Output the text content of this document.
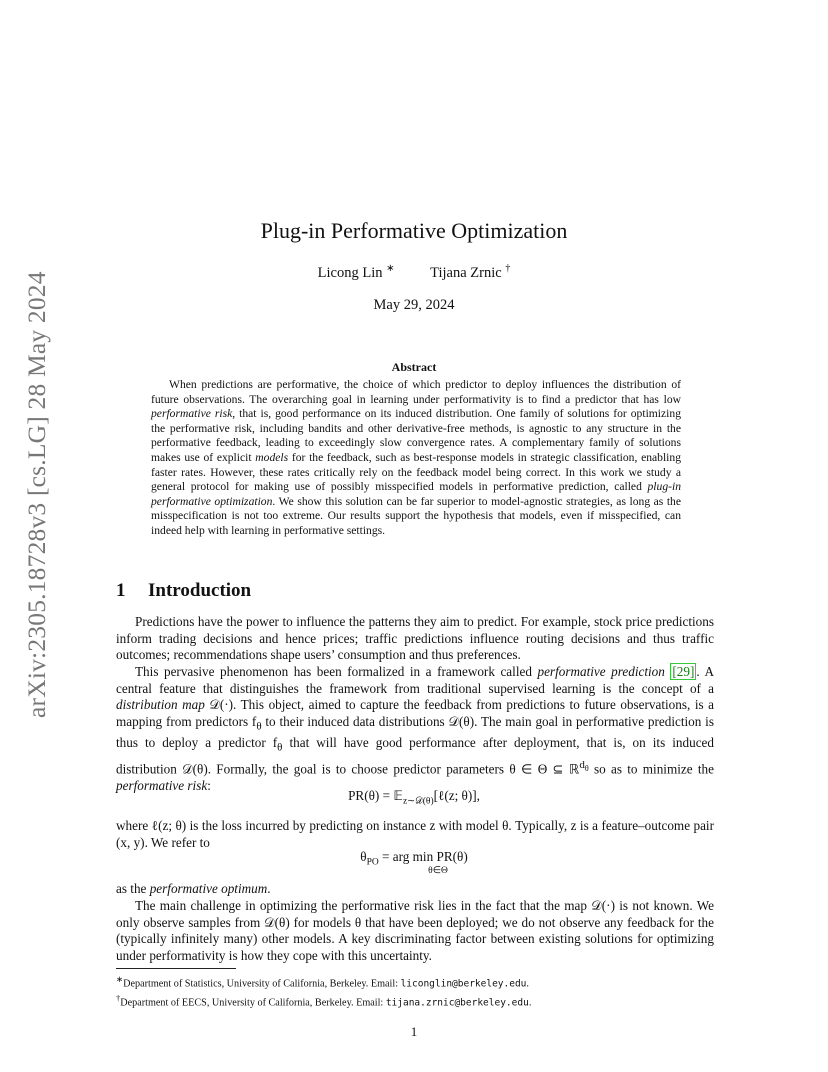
arXiv:2305.18728v3 [cs.LG] 28 May 2024
Plug-in Performative Optimization
Licong Lin ∗ Tijana Zrnic †
May 29, 2024
Abstract
When predictions are performative, the choice of which predictor to deploy influences the distribution of future observations. The overarching goal in learning under performativity is to find a predictor that has low performative risk, that is, good performance on its induced distribution. One family of solutions for optimizing the performative risk, including bandits and other derivative-free methods, is agnostic to any structure in the performative feedback, leading to exceedingly slow convergence rates. A complementary family of solutions makes use of explicit models for the feedback, such as best-response models in strategic classification, enabling faster rates. However, these rates critically rely on the feedback model being correct. In this work we study a general protocol for making use of possibly misspecified models in performative prediction, called plug-in performative optimization. We show this solution can be far superior to model-agnostic strategies, as long as the misspecification is not too extreme. Our results support the hypothesis that models, even if misspecified, can indeed help with learning in performative settings.
1 Introduction
Predictions have the power to influence the patterns they aim to predict. For example, stock price predictions inform trading decisions and hence prices; traffic predictions influence routing decisions and thus traffic outcomes; recommendations shape users’ consumption and thus preferences.
This pervasive phenomenon has been formalized in a framework called performative prediction [29] . A central feature that distinguishes the framework from traditional supervised learning is the concept of a distribution map 𝒟(·). This object, aimed to capture the feedback from predictions to future observations, is a mapping from predictors $f_\theta$ to their induced data distributions 𝒟(θ). The main goal in performative prediction is thus to deploy a predictor $f_\theta$ that will have good performance after deployment, that is, on its induced distribution 𝒟(θ). Formally, the goal is to choose predictor parameters θ ∈ Θ ⊆ ℝ$^{d_\theta}$ so as to minimize the performative risk:
PR(θ) = 𝔼$_{z\sim 𝒟(\theta)}$[ℓ(z; θ)],
where ℓ(z; θ) is the loss incurred by predicting on instance z with model θ. Typically, z is a feature–outcome pair (x, y). We refer to
$\theta_{PO}$ = arg min PR(θ)
θ∈Θ
as the performative optimum.
The main challenge in optimizing the performative risk lies in the fact that the map 𝒟(·) is not known. We only observe samples from 𝒟(θ) for models θ that have been deployed; we do not observe any feedback for the (typically infinitely many) other models. A key discriminating factor between existing solutions for optimizing under performativity is how they cope with this uncertainty.
∗Department of Statistics, University of California, Berkeley. Email: liconglin@berkeley.edu.
†Department of EECS, University of California, Berkeley. Email: tijana.zrnic@berkeley.edu.
1
